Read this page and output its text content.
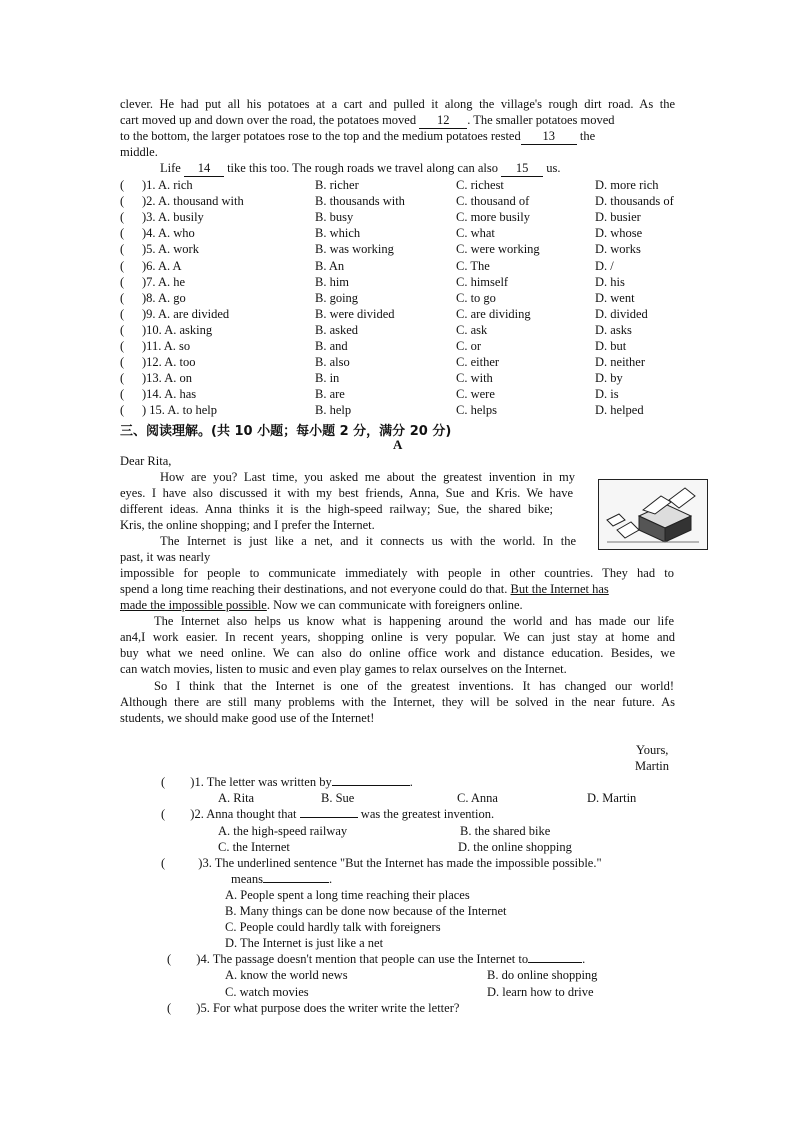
clever. He had put all his potatoes at a cart and pulled it along the village's rough dirt road. As the
cart moved up and down over the road, the potatoes moved 12 . The smaller potatoes moved
to the bottom, the larger potatoes rose to the top and the medium potatoes rested 13 the
middle.
Life 14 tike this too. The rough roads we travel along can also 15 us.
( )1. A. rich	B. richer	C. richest	D. more rich
( )2. A. thousand with	B. thousands with	C. thousand of	D. thousands of
( )3. A. busily	B. busy	C. more busily	D. busier
( )4. A. who	B. which	C. what	D. whose
( )5. A. work	B. was working	C. were working	D. works
( )6. A. A	B. An	C. The	D. /
( )7. A. he	B. him	C. himself	D. his
( )8. A. go	B. going	C. to go	D. went
( )9. A. are divided	B. were divided	C. are dividing	D. divided
( )10. A. asking	B. asked	C. ask	D. asks
( )11. A. so	B. and	C. or	D. but
( )12. A. too	B. also	C. either	D. neither
( )13. A. on	B. in	C. with	D. by
( )14. A. has	B. are	C. were	D. is
( ) 15. A. to help	B. help	C. helps	D. helped
三、阅读理解。(共 10 小题；每小题 2 分，满分 20 分)
A
Dear Rita,
How are you? Last time, you asked me about the greatest invention in my
eyes. I have also discussed it with my best friends, Anna, Sue and Kris. We have
different ideas. Anna thinks it is the high-speed railway; Sue, the shared bike;
Kris, the online shopping; and I prefer the Internet.
The Internet is just like a net, and it connects us with the world. In the
past, it was nearly
impossible for people to communicate immediately with people in other countries. They had to
spend a long time reaching their destinations, and not everyone could do that. But the Internet has
made the impossible possible. Now we can communicate with foreigners online.
The Internet also helps us know what is happening around the world and has made our life
an4,I work easier. In recent years, shopping online is very popular. We can just stay at home and
buy what we need online. We can also do online office work and distance education. Besides, we
can watch movies, listen to music and even play games to relax ourselves on the Internet.
So I think that the Internet is one of the greatest inventions. It has changed our world!
Although there are still many problems with the Internet, they will be solved in the near future. As
students, we should make good use of the Internet!
Yours,
Martin
( )1. The letter was written by	.
A. Rita	B. Sue	C. Anna	D. Martin
( )2. Anna thought that	was the greatest invention.
A. the high-speed railway	B. the shared bike
C. the Internet	D. the online shopping
(	)3. The underlined sentence "But the Internet has made the impossible possible."
means	.
A. People spent a long time reaching their places
B. Many things can be done now because of the Internet
C. People could hardly talk with foreigners
D. The Internet is just like a net
( )4. The passage doesn't mention that people can use the Internet to	.
A. know the world news	B. do online shopping
C. watch movies	D. learn how to drive
( )5. For what purpose does the writer write the letter?
